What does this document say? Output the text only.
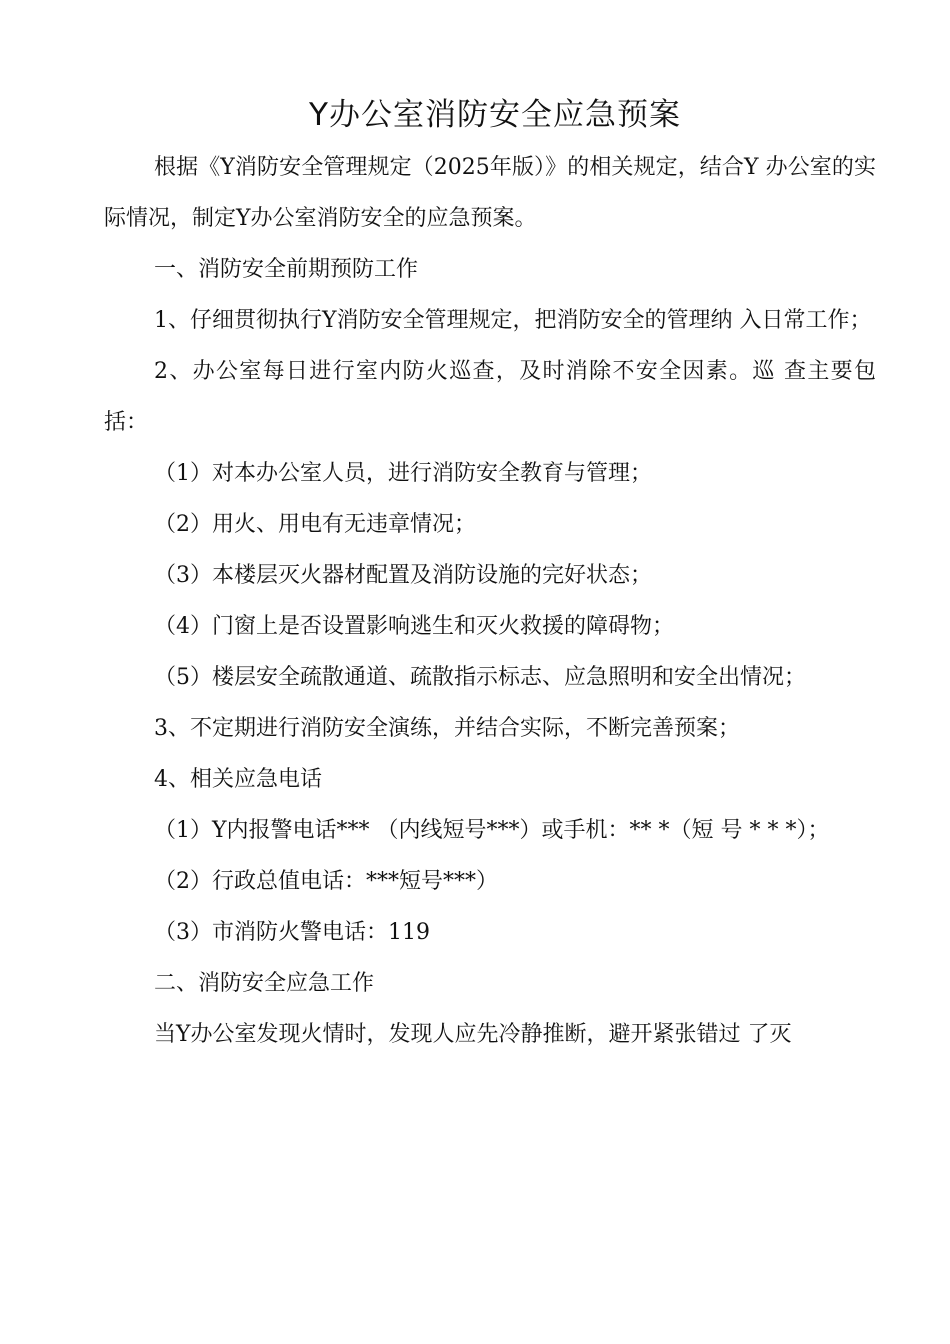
Y办公室消防安全应急预案

根据《Y消防安全管理规定（2025年版）》的相关规定，结合Y 办公室的实际情况，制定Y办公室消防安全的应急预案。

一、消防安全前期预防工作

1、仔细贯彻执行Y消防安全管理规定，把消防安全的管理纳 入日常工作；

2、办公室每日进行室内防火巡查，及时消除不安全因素。巡 查主要包括：

（1）对本办公室人员，进行消防安全教育与管理；

（2）用火、用电有无违章情况；

（3）本楼层灭火器材配置及消防设施的完好状态；

（4）门窗上是否设置影响逃生和灭火救援的障碍物；

（5）楼层安全疏散通道、疏散指示标志、应急照明和安全出情况；

3、不定期进行消防安全演练，并结合实际，不断完善预案；

4、相关应急电话

（1）Y内报警电话*** （内线短号***）或手机：** *（短 号 * * *）；

（2）行政总值电话：***短号***）

（3）市消防火警电话：119

二、消防安全应急工作

当Y办公室发现火情时，发现人应先冷静推断，避开紧张错过 了灭
